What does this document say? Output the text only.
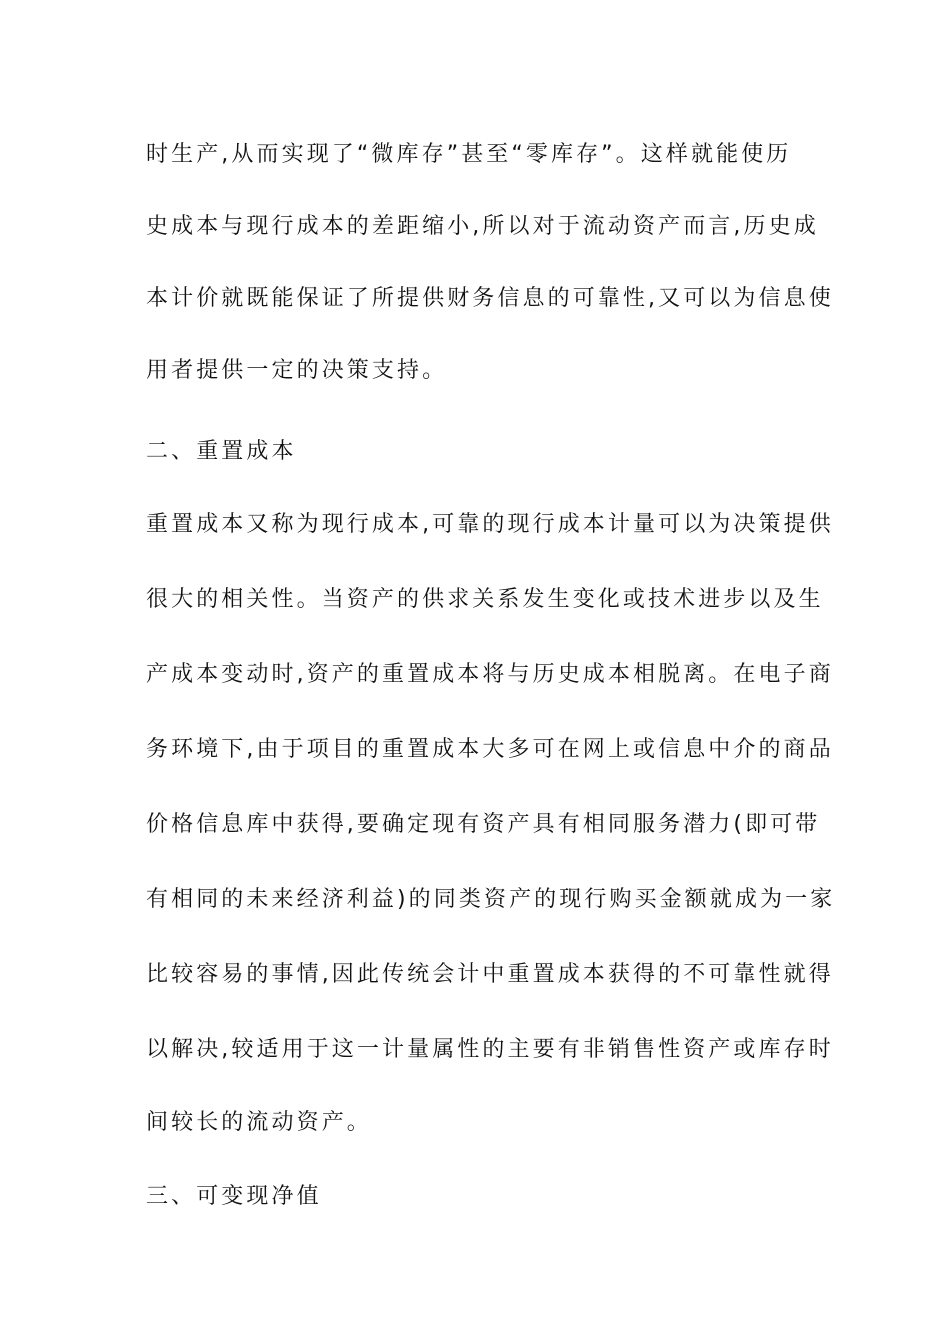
时生产,从而实现了“微库存”甚至“零库存”。这样就能使历
史成本与现行成本的差距缩小,所以对于流动资产而言,历史成
本计价就既能保证了所提供财务信息的可靠性,又可以为信息使
用者提供一定的决策支持。
二、重置成本
重置成本又称为现行成本,可靠的现行成本计量可以为决策提供
很大的相关性。当资产的供求关系发生变化或技术进步以及生
产成本变动时,资产的重置成本将与历史成本相脱离。在电子商
务环境下,由于项目的重置成本大多可在网上或信息中介的商品
价格信息库中获得,要确定现有资产具有相同服务潜力(即可带
有相同的未来经济利益)的同类资产的现行购买金额就成为一家
比较容易的事情,因此传统会计中重置成本获得的不可靠性就得
以解决,较适用于这一计量属性的主要有非销售性资产或库存时
间较长的流动资产。
三、可变现净值
